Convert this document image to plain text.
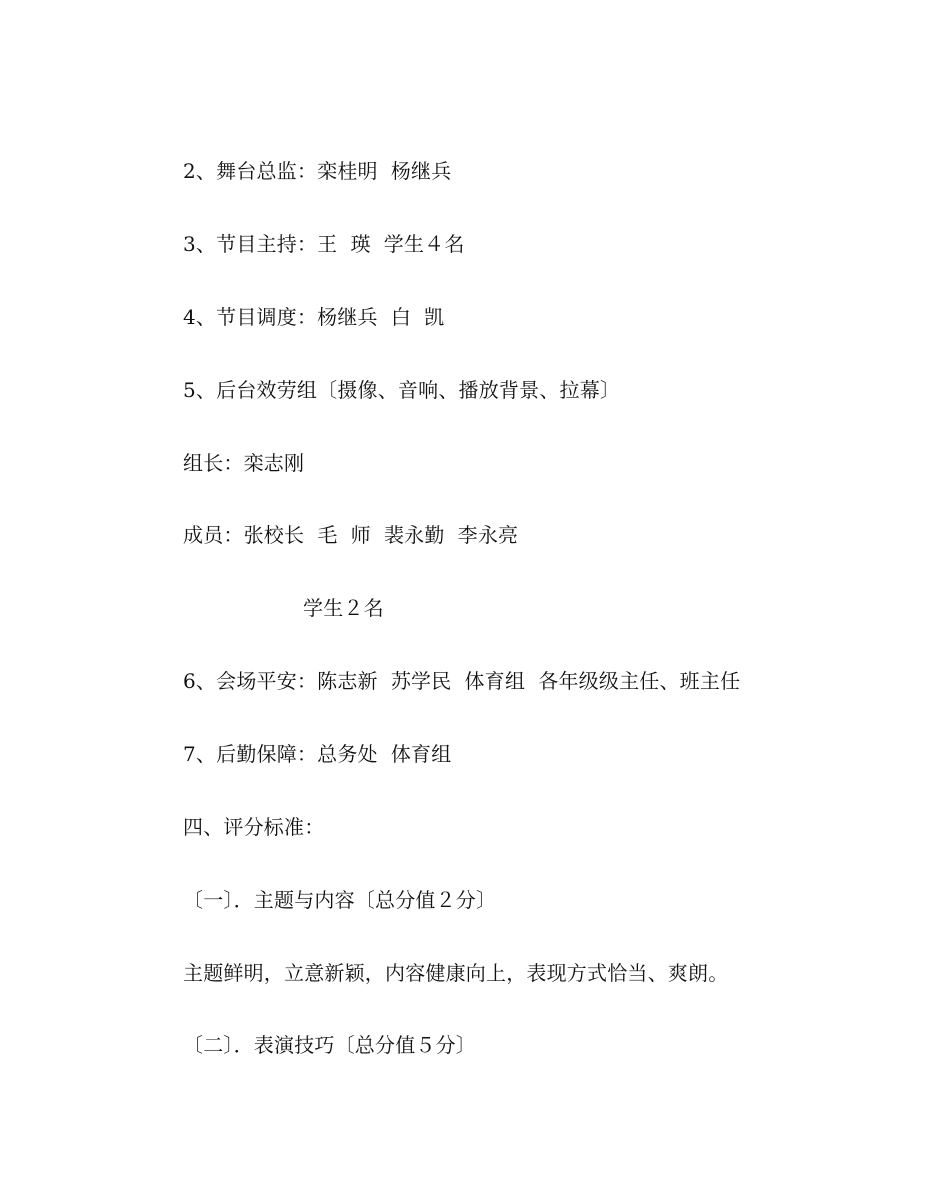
2、舞台总监：栾桂明  杨继兵
3、节目主持：王  瑛  学生４名
4、节目调度：杨继兵  白  凯
5、后台效劳组〔摄像、音响、播放背景、拉幕〕
组长：栾志刚
成员：张校长  毛  师  裴永勤  李永亮
学生２名
6、会场平安：陈志新  苏学民  体育组  各年级级主任、班主任
7、后勤保障：总务处  体育组
四、评分标准：
〔一〕．主题与内容〔总分值２分〕
主题鲜明，立意新颖，内容健康向上，表现方式恰当、爽朗。
〔二〕．表演技巧〔总分值５分〕
